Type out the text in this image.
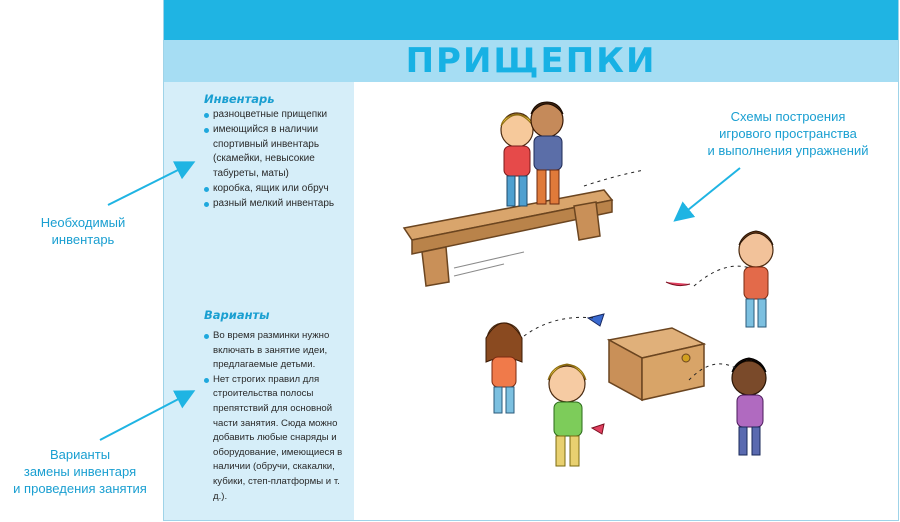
ПРИЩЕПКИ
Инвентарь
разноцветные прищепки
имеющийся в наличии спортивный инвентарь (скамейки, невысокие табуреты, маты)
коробка, ящик или обруч
разный мелкий инвентарь
Варианты
Во время разминки нужно включать в занятие идеи, предлагаемые детьми.
Нет строгих правил для строительства полосы препятствий для основной части занятия. Сюда можно добавить любые снаряды и оборудование, имеющиеся в наличии (обручи, скакалки, кубики, степ-платформы и т. д.).
Необходимый
инвентарь
Варианты
замены инвентаря
и проведения занятия
Схемы построения
игрового пространства
и выполнения упражнений
